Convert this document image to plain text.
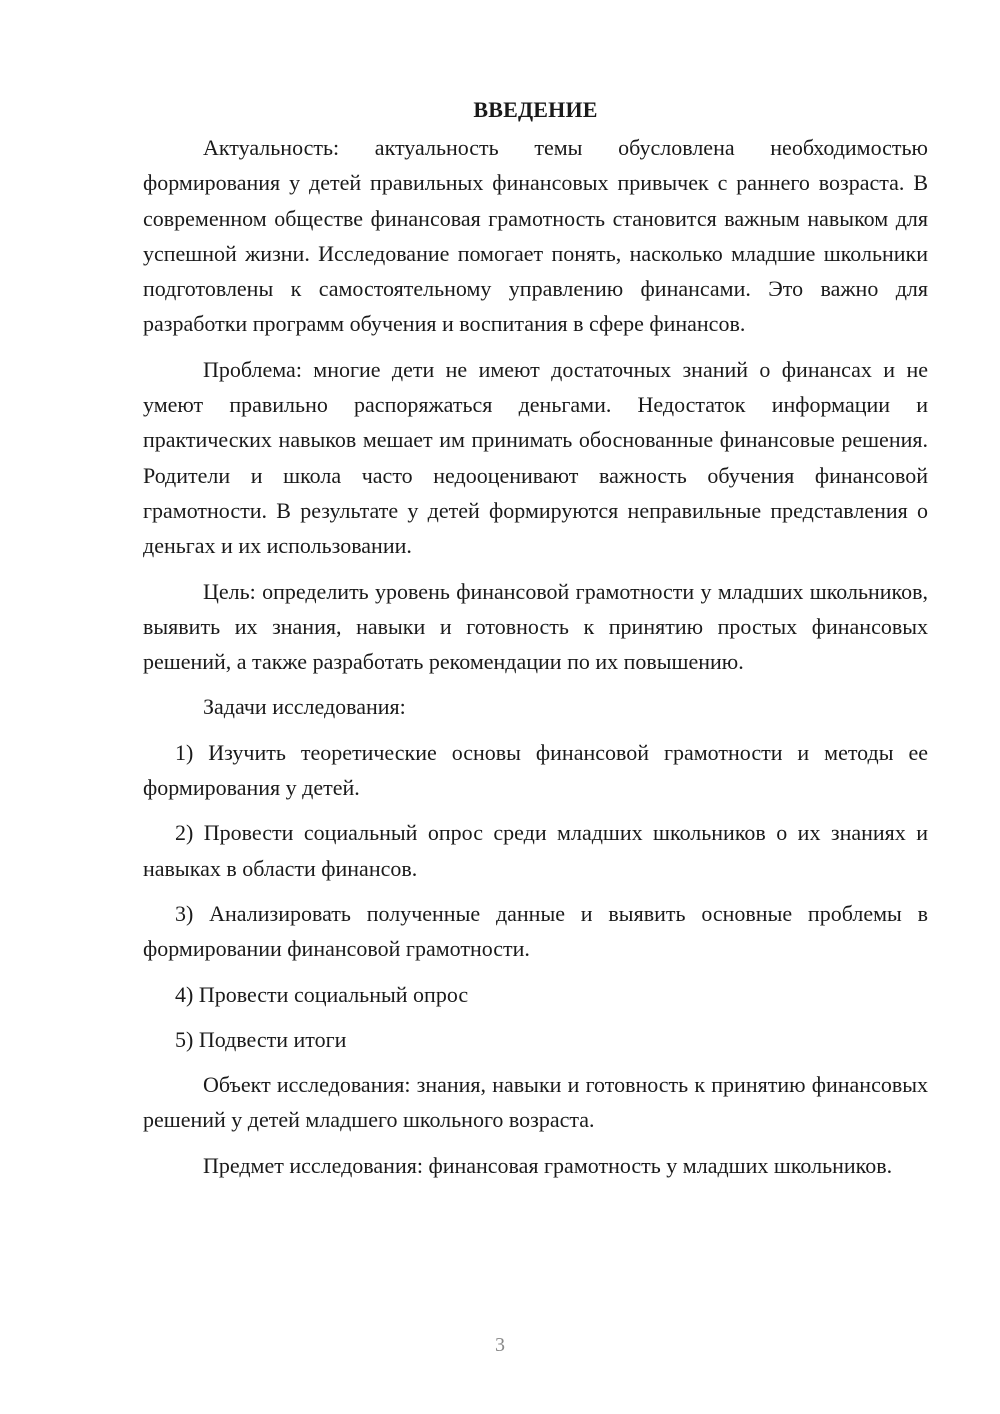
ВВЕДЕНИЕ

Актуальность: актуальность темы обусловлена необходимостью формирования у детей правильных финансовых привычек с раннего возраста. В современном обществе финансовая грамотность становится важным навыком для успешной жизни. Исследование помогает понять, насколько младшие школьники подготовлены к самостоятельному управлению финансами. Это важно для разработки программ обучения и воспитания в сфере финансов.

Проблема: многие дети не имеют достаточных знаний о финансах и не умеют правильно распоряжаться деньгами. Недостаток информации и практических навыков мешает им принимать обоснованные финансовые решения. Родители и школа часто недооценивают важность обучения финансовой грамотности. В результате у детей формируются неправильные представления о деньгах и их использовании.

Цель: определить уровень финансовой грамотности у младших школьников, выявить их знания, навыки и готовность к принятию простых финансовых решений, а также разработать рекомендации по их повышению.

Задачи исследования:

1) Изучить теоретические основы финансовой грамотности и методы ее формирования у детей.

2) Провести социальный опрос среди младших школьников о их знаниях и навыках в области финансов.

3) Анализировать полученные данные и выявить основные проблемы в формировании финансовой грамотности.

4) Провести социальный опрос

5) Подвести итоги

Объект исследования: знания, навыки и готовность к принятию финансовых решений у детей младшего школьного возраста.

Предмет исследования: финансовая грамотность у младших школьников.

3
